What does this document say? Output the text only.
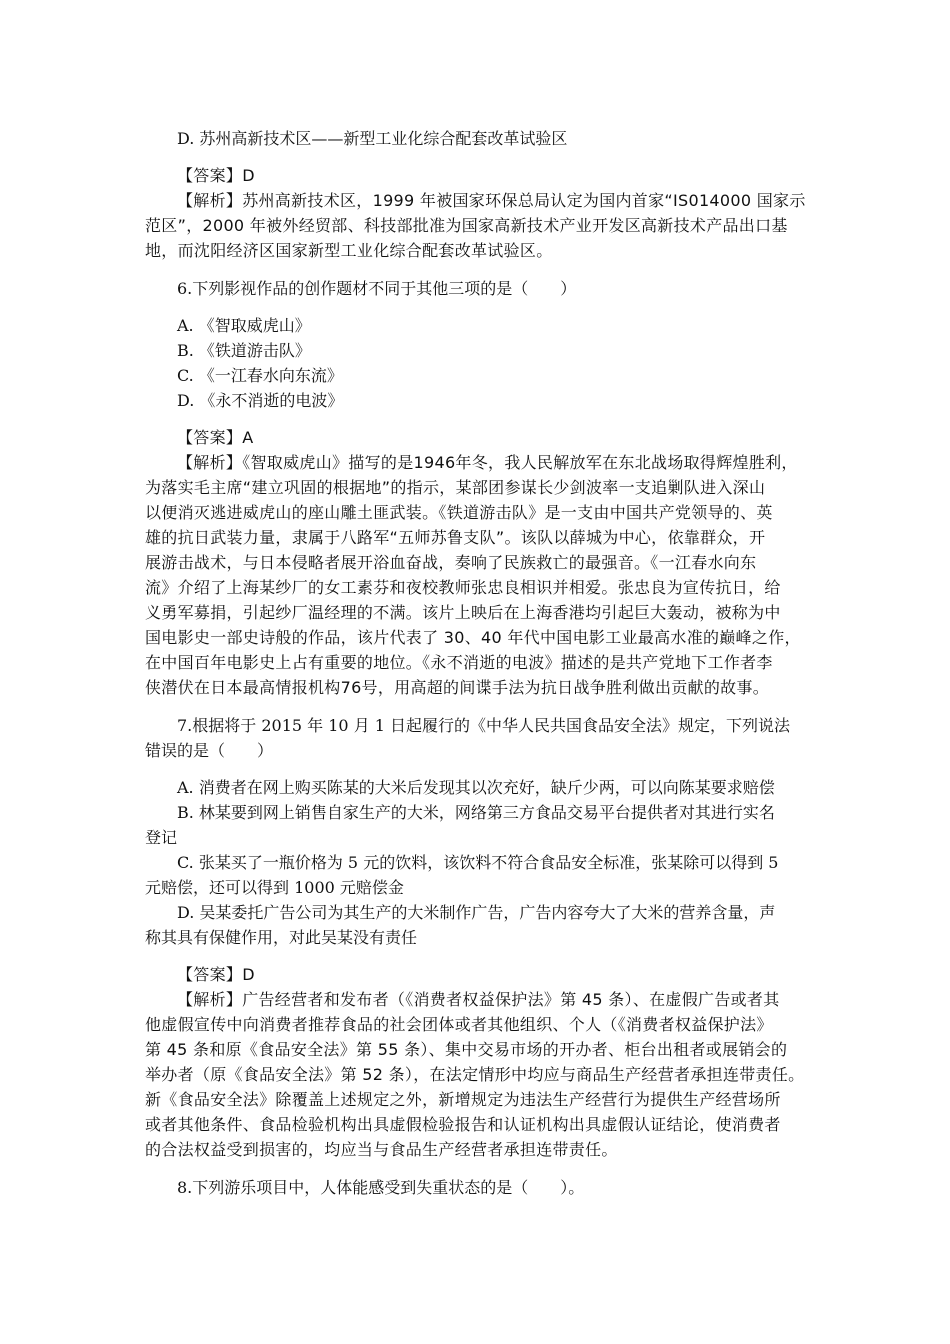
D. 苏州高新技术区——新型工业化综合配套改革试验区
【答案】D
【解析】苏州高新技术区，1999 年被国家环保总局认定为国内首家“IS014000 国家示
范区”，2000 年被外经贸部、科技部批准为国家高新技术产业开发区高新技术产品出口基
地，而沈阳经济区国家新型工业化综合配套改革试验区。
6.下列影视作品的创作题材不同于其他三项的是（　　）
A. 《智取威虎山》
B. 《铁道游击队》
C. 《一江春水向东流》
D. 《永不消逝的电波》
【答案】A
【解析】《智取威虎山》描写的是1946年冬，我人民解放军在东北战场取得辉煌胜利，
为落实毛主席“建立巩固的根据地”的指示，某部团参谋长少剑波率一支追剿队进入深山
以便消灭逃进威虎山的座山雕土匪武装。《铁道游击队》是一支由中国共产党领导的、英
雄的抗日武装力量，隶属于八路军“五师苏鲁支队”。该队以薛城为中心，依靠群众，开
展游击战术，与日本侵略者展开浴血奋战，奏响了民族救亡的最强音。《一江春水向东
流》介绍了上海某纱厂的女工素芬和夜校教师张忠良相识并相爱。张忠良为宣传抗日，给
义勇军募捐，引起纱厂温经理的不满。该片上映后在上海香港均引起巨大轰动，被称为中
国电影史一部史诗般的作品，该片代表了 30、40 年代中国电影工业最高水准的巅峰之作，
在中国百年电影史上占有重要的地位。《永不消逝的电波》描述的是共产党地下工作者李
侠潜伏在日本最高情报机构76号，用高超的间谍手法为抗日战争胜利做出贡献的故事。
7.根据将于 2015 年 10 月 1 日起履行的《中华人民共国食品安全法》规定，下列说法
错误的是（　　）
A. 消费者在网上购买陈某的大米后发现其以次充好，缺斤少两，可以向陈某要求赔偿
B. 林某要到网上销售自家生产的大米，网络第三方食品交易平台提供者对其进行实名
登记
C. 张某买了一瓶价格为 5 元的饮料，该饮料不符合食品安全标准，张某除可以得到 5
元赔偿，还可以得到 1000 元赔偿金
D. 吴某委托广告公司为其生产的大米制作广告，广告内容夸大了大米的营养含量，声
称其具有保健作用，对此吴某没有责任
【答案】D
【解析】广告经营者和发布者（《消费者权益保护法》第 45 条）、在虚假广告或者其
他虚假宣传中向消费者推荐食品的社会团体或者其他组织、个人（《消费者权益保护法》
第 45 条和原《食品安全法》第 55 条）、集中交易市场的开办者、柜台出租者或展销会的
举办者（原《食品安全法》第 52 条），在法定情形中均应与商品生产经营者承担连带责任。
新《食品安全法》除覆盖上述规定之外，新增规定为违法生产经营行为提供生产经营场所
或者其他条件、食品检验机构出具虚假检验报告和认证机构出具虚假认证结论，使消费者
的合法权益受到损害的，均应当与食品生产经营者承担连带责任。
8.下列游乐项目中，人体能感受到失重状态的是（　　）。
